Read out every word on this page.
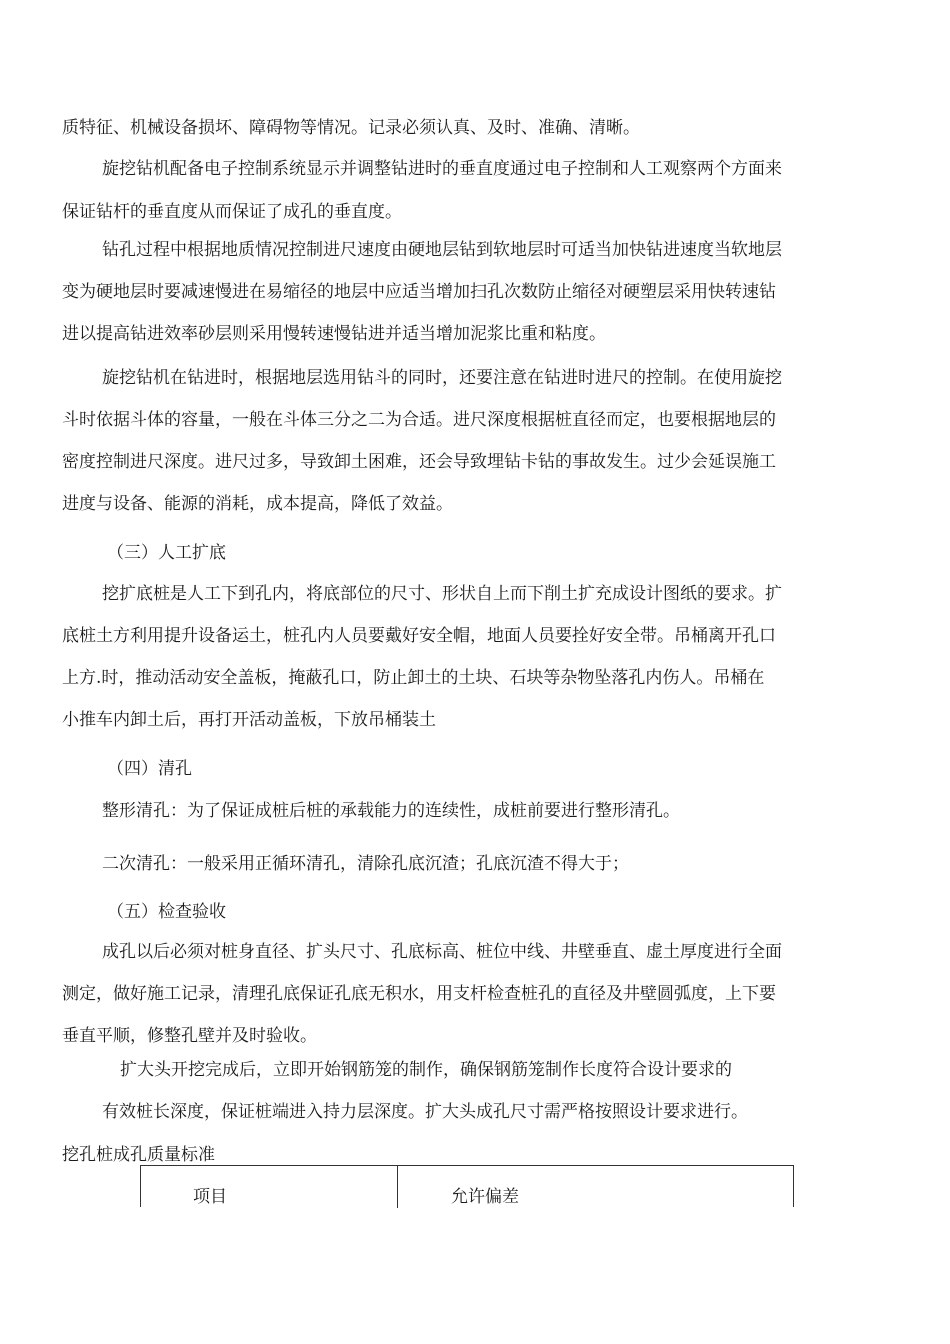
质特征、机械设备损坏、障碍物等情况。记录必须认真、及时、准确、清晰。
旋挖钻机配备电子控制系统显示并调整钻进时的垂直度通过电子控制和人工观察两个方面来
保证钻杆的垂直度从而保证了成孔的垂直度。
钻孔过程中根据地质情况控制进尺速度由硬地层钻到软地层时可适当加快钻进速度当软地层
变为硬地层时要减速慢进在易缩径的地层中应适当增加扫孔次数防止缩径对硬塑层采用快转速钻
进以提高钻进效率砂层则采用慢转速慢钻进并适当增加泥浆比重和粘度。
旋挖钻机在钻进时，根据地层选用钻斗的同时，还要注意在钻进时进尺的控制。在使用旋挖
斗时依据斗体的容量，一般在斗体三分之二为合适。进尺深度根据桩直径而定，也要根据地层的
密度控制进尺深度。进尺过多，导致卸土困难，还会导致埋钻卡钻的事故发生。过少会延误施工
进度与设备、能源的消耗，成本提高，降低了效益。
（三）人工扩底
挖扩底桩是人工下到孔内，将底部位的尺寸、形状自上而下削土扩充成设计图纸的要求。扩
底桩土方利用提升设备运土，桩孔内人员要戴好安全帽，地面人员要拴好安全带。吊桶离开孔口
上方.时，推动活动安全盖板，掩蔽孔口，防止卸土的土块、石块等杂物坠落孔内伤人。吊桶在
小推车内卸土后，再打开活动盖板，下放吊桶装土
（四）清孔
整形清孔：为了保证成桩后桩的承载能力的连续性，成桩前要进行整形清孔。
二次清孔：一般采用正循环清孔，清除孔底沉渣；孔底沉渣不得大于；
（五）检查验收
成孔以后必须对桩身直径、扩头尺寸、孔底标高、桩位中线、井壁垂直、虚土厚度进行全面
测定，做好施工记录，清理孔底保证孔底无积水，用支杆检查桩孔的直径及井壁圆弧度，上下要
垂直平顺，修整孔壁并及时验收。
扩大头开挖完成后，立即开始钢筋笼的制作，确保钢筋笼制作长度符合设计要求的
有效桩长深度，保证桩端进入持力层深度。扩大头成孔尺寸需严格按照设计要求进行。
挖孔桩成孔质量标准
项目	允许偏差
